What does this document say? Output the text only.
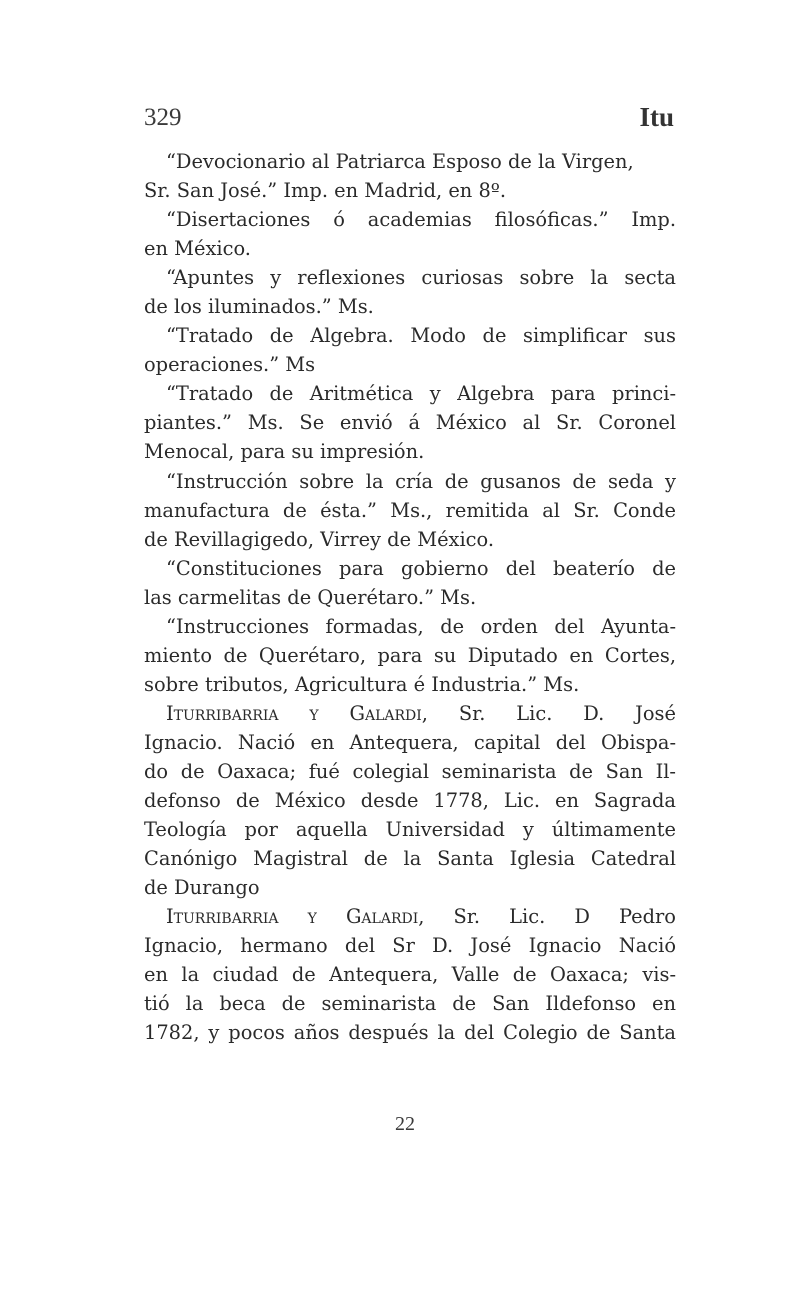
329	Itu
“Devocionario al Patriarca Esposo de la Virgen,
Sr. San José.” Imp. en Madrid, en 8º.
“Disertaciones ó academias filosóficas.” Imp.
en México.
“Apuntes y reflexiones curiosas sobre la secta
de los iluminados.” Ms.
“Tratado de Algebra. Modo de simplificar sus
operaciones.” Ms
“Tratado de Aritmética y Algebra para princi-
piantes.” Ms. Se envió á México al Sr. Coronel
Menocal, para su impresión.
“Instrucción sobre la cría de gusanos de seda y
manufactura de ésta.” Ms., remitida al Sr. Conde
de Revillagigedo, Virrey de México.
“Constituciones para gobierno del beaterío de
las carmelitas de Querétaro.” Ms.
“Instrucciones formadas, de orden del Ayunta-
miento de Querétaro, para su Diputado en Cortes,
sobre tributos, Agricultura é Industria.” Ms.
Iturribarria y Galardi, Sr. Lic. D. José
Ignacio. Nació en Antequera, capital del Obispa-
do de Oaxaca; fué colegial seminarista de San Il-
defonso de México desde 1778, Lic. en Sagrada
Teología por aquella Universidad y últimamente
Canónigo Magistral de la Santa Iglesia Catedral
de Durango
Iturribarria y Galardi, Sr. Lic. D Pedro
Ignacio, hermano del Sr D. José Ignacio Nació
en la ciudad de Antequera, Valle de Oaxaca; vis-
tió la beca de seminarista de San Ildefonso en
1782, y pocos años después la del Colegio de Santa
22
